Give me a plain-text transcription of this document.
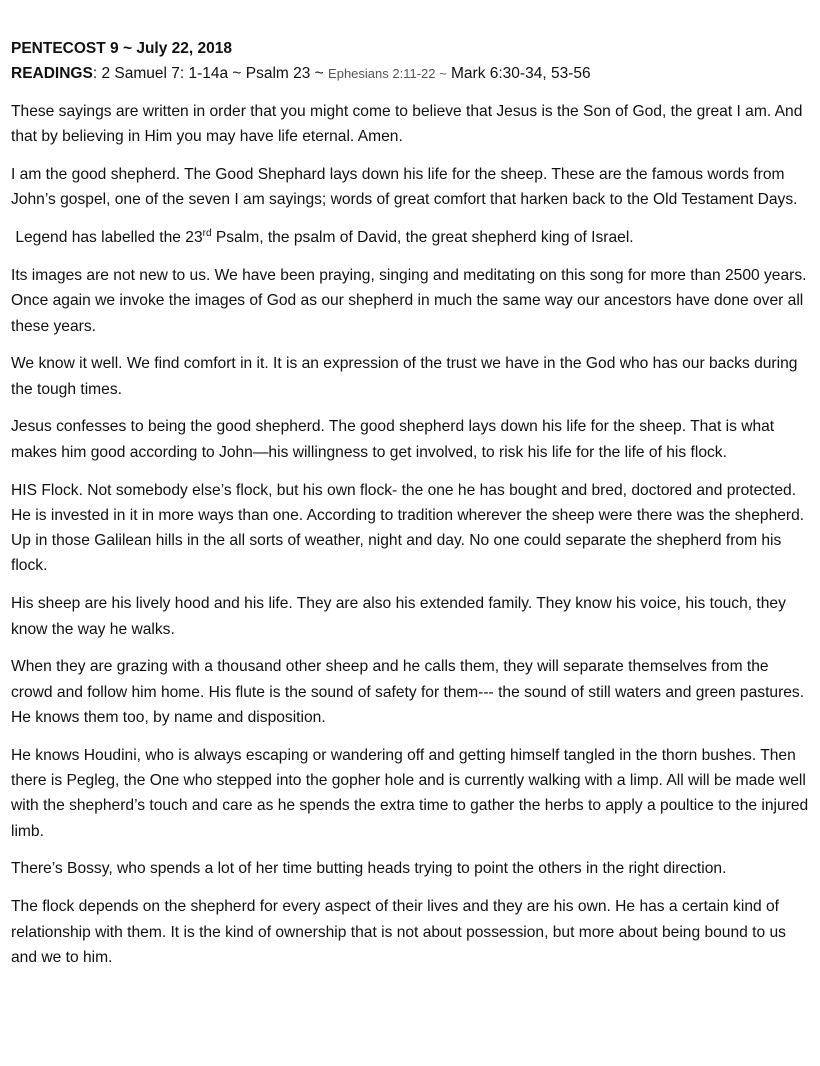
PENTECOST 9 ~ July 22, 2018

READINGS: 2 Samuel 7: 1-14a ~ Psalm 23 ~ Ephesians 2:11-22 ~ Mark 6:30-34, 53-56

These sayings are written in order that you might come to believe that Jesus is the Son of God, the great I am. And that by believing in Him you may have life eternal. Amen.

I am the good shepherd. The Good Shephard lays down his life for the sheep. These are the famous words from John’s gospel, one of the seven I am sayings; words of great comfort that harken back to the Old Testament Days.

Legend has labelled the 23rd Psalm, the psalm of David, the great shepherd king of Israel.

Its images are not new to us. We have been praying, singing and meditating on this song for more than 2500 years. Once again we invoke the images of God as our shepherd in much the same way our ancestors have done over all these years.

We know it well. We find comfort in it. It is an expression of the trust we have in the God who has our backs during the tough times.

Jesus confesses to being the good shepherd. The good shepherd lays down his life for the sheep. That is what makes him good according to John—his willingness to get involved, to risk his life for the life of his flock.

HIS Flock. Not somebody else’s flock, but his own flock- the one he has bought and bred, doctored and protected. He is invested in it in more ways than one. According to tradition wherever the sheep were there was the shepherd. Up in those Galilean hills in the all sorts of weather, night and day. No one could separate the shepherd from his flock.

His sheep are his lively hood and his life. They are also his extended family. They know his voice, his touch, they know the way he walks.

When they are grazing with a thousand other sheep and he calls them, they will separate themselves from the crowd and follow him home. His flute is the sound of safety for them--- the sound of still waters and green pastures. He knows them too, by name and disposition.

He knows Houdini, who is always escaping or wandering off and getting himself tangled in the thorn bushes. Then there is Pegleg, the One who stepped into the gopher hole and is currently walking with a limp. All will be made well with the shepherd’s touch and care as he spends the extra time to gather the herbs to apply a poultice to the injured limb.

There’s Bossy, who spends a lot of her time butting heads trying to point the others in the right direction.

The flock depends on the shepherd for every aspect of their lives and they are his own. He has a certain kind of relationship with them. It is the kind of ownership that is not about possession, but more about being bound to us and we to him.
